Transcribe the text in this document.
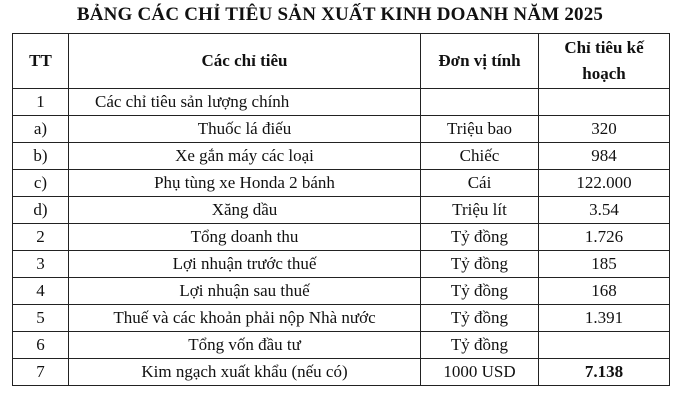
BẢNG CÁC CHỈ TIÊU SẢN XUẤT KINH DOANH NĂM 2025
TT	Các chỉ tiêu	Đơn vị tính	Chỉ tiêu kế hoạch

1	Các chỉ tiêu sản lượng chính		
a)	Thuốc lá điếu	Triệu bao	320
b)	Xe gắn máy các loại	Chiếc	984
c)	Phụ tùng xe Honda 2 bánh	Cái	122.000
d)	Xăng dầu	Triệu lít	3.54
2	Tổng doanh thu	Tỷ đồng	1.726
3	Lợi nhuận trước thuế	Tỷ đồng	185
4	Lợi nhuận sau thuế	Tỷ đồng	168
5	Thuế và các khoản phải nộp Nhà nước	Tỷ đồng	1.391
6	Tổng vốn đầu tư	Tỷ đồng	
7	Kim ngạch xuất khẩu (nếu có)	1000 USD	7.138
